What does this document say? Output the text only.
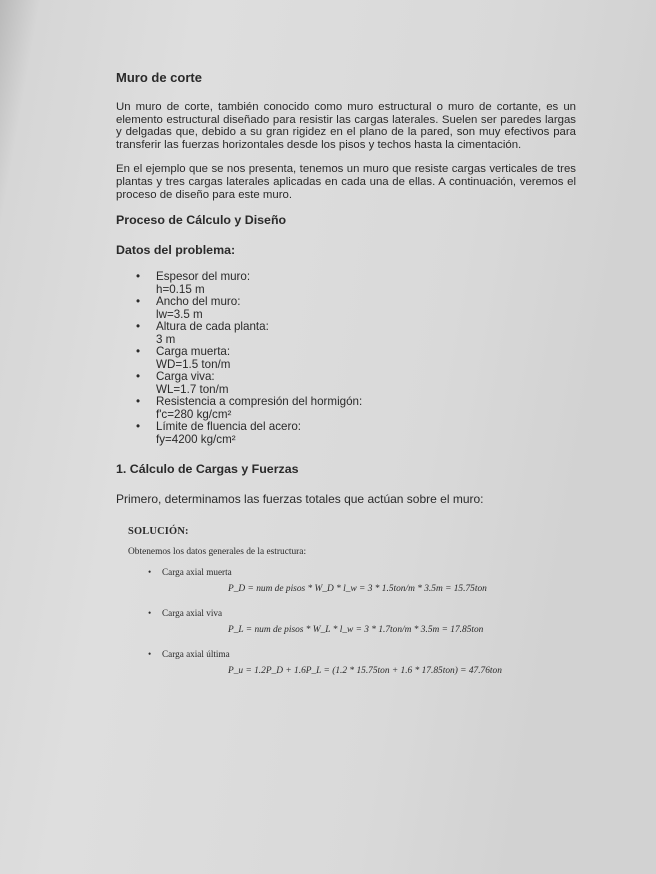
Muro de corte

Un muro de corte, también conocido como muro estructural o muro de cortante, es un elemento estructural diseñado para resistir las cargas laterales. Suelen ser paredes largas y delgadas que, debido a su gran rigidez en el plano de la pared, son muy efectivos para transferir las fuerzas horizontales desde los pisos y techos hasta la cimentación.

En el ejemplo que se nos presenta, tenemos un muro que resiste cargas verticales de tres plantas y tres cargas laterales aplicadas en cada una de ellas. A continuación, veremos el proceso de diseño para este muro.

Proceso de Cálculo y Diseño
Datos del problema:
• Espesor del muro:
h=0.15 m
• Ancho del muro:
lw=3.5 m
• Altura de cada planta:
3 m
• Carga muerta:
WD=1.5 ton/m
• Carga viva:
WL=1.7 ton/m
• Resistencia a compresión del hormigón:
f'c=280 kg/cm²
• Límite de fluencia del acero:
fy=4200 kg/cm²
1. Cálculo de Cargas y Fuerzas
Primero, determinamos las fuerzas totales que actúan sobre el muro:
SOLUCIÓN:
Obtenemos los datos generales de la estructura:
• Carga axial muerta
P_D = num de pisos * W_D * l_w = 3 * 1.5ton/m * 3.5m = 15.75ton
• Carga axial viva
P_L = num de pisos * W_L * l_w = 3 * 1.7ton/m * 3.5m = 17.85ton
• Carga axial última
P_u = 1.2P_D + 1.6P_L = (1.2 * 15.75ton + 1.6 * 17.85ton) = 47.76ton
